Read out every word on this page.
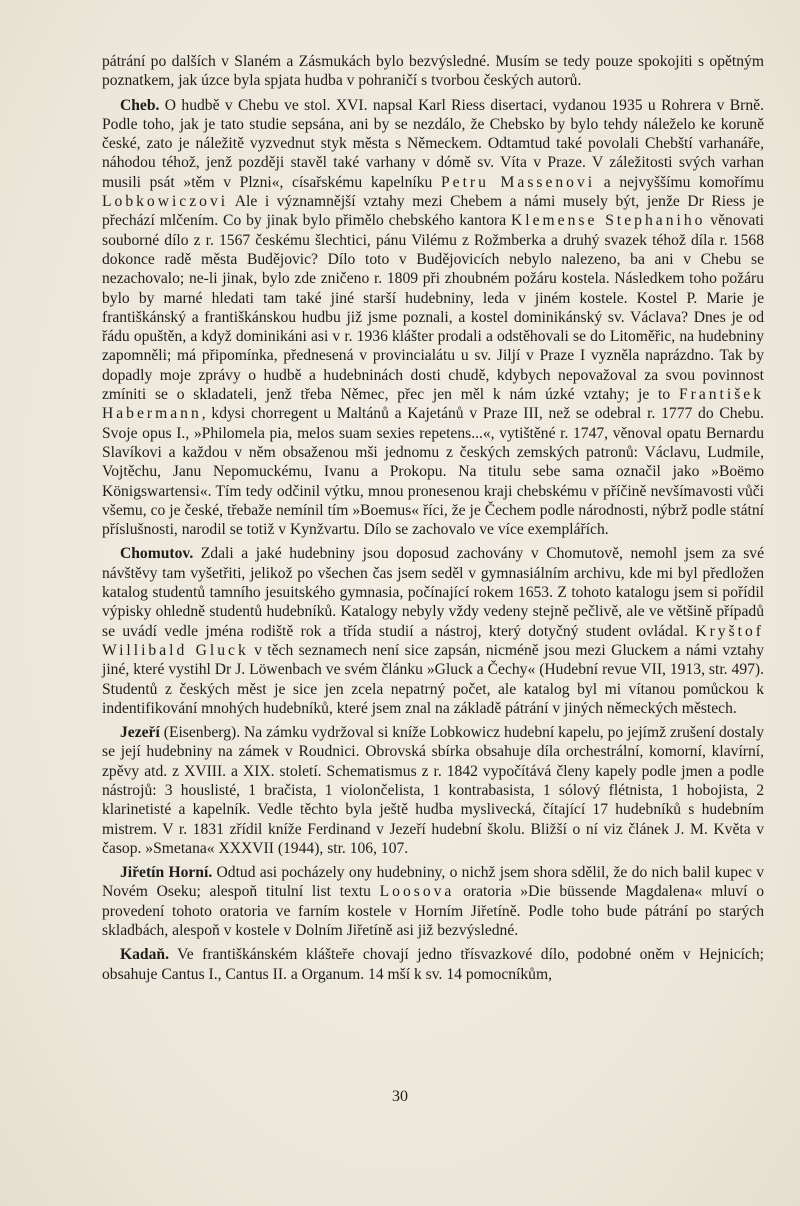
pátrání po dalších v Slaném a Zásmukách bylo bezvýsledné. Musím se tedy pouze spokojiti s opětným poznatkem, jak úzce byla spjata hudba v pohraničí s tvorbou českých autorů.

Cheb. O hudbě v Chebu ve stol. XVI. napsal Karl Riess disertaci, vydanou 1935 u Rohrera v Brně. Podle toho, jak je tato studie sepsána, ani by se nezdálo, že Chebsko by bylo tehdy náleželo ke koruně české, zato je náležitě vyzvednut styk města s Německem. Odtamtud také povolali Chebští varhanáře, náhodou téhož, jenž později stavěl také varhany v dómě sv. Víta v Praze. V záležitosti svých varhan musili psát »těm v Plzni«, císařskému kapelníku Petru Massenovi a nejvyššímu komořímu Lobkowiczovi Ale i významnější vztahy mezi Chebem a námi musely být, jenže Dr Riess je přechází mlčením. Co by jinak bylo přimělo chebského kantora Klemense Stephaniho věnovati souborné dílo z r. 1567 českému šlechtici, pánu Vilému z Rožmberka a druhý svazek téhož díla r. 1568 dokonce radě města Budějovic? Dílo toto v Budějovicích nebylo nalezeno, ba ani v Chebu se nezachovalo; ne-li jinak, bylo zde zničeno r. 1809 při zhoubném požáru kostela. Následkem toho požáru bylo by marné hledati tam také jiné starší hudebniny, leda v jiném kostele. Kostel P. Marie je františkánský a františkánskou hudbu již jsme poznali, a kostel dominikánský sv. Václava? Dnes je od řádu opuštěn, a když dominikáni asi v r. 1936 klášter prodali a odstěhovali se do Litoměřic, na hudebniny zapomněli; má připomínka, přednesená v provincialátu u sv. Jiljí v Praze I vyzněla naprázdno. Tak by dopadly moje zprávy o hudbě a hudebninách dosti chudě, kdybych nepovažoval za svou povinnost zmíniti se o skladateli, jenž třeba Němec, přec jen měl k nám úzké vztahy; je to František Habermann, kdysi chorregent u Maltánů a Kajetánů v Praze III, než se odebral r. 1777 do Chebu. Svoje opus I., »Philomela pia, melos suam sexies repetens...«, vytištěné r. 1747, věnoval opatu Bernardu Slavíkovi a každou v něm obsaženou mši jednomu z českých zemských patronů: Václavu, Ludmile, Vojtěchu, Janu Nepomuckému, Ivanu a Prokopu. Na titulu sebe sama označil jako »Boëmo Königswartensi«. Tím tedy odčinil výtku, mnou pronesenou kraji chebskému v příčině nevšímavosti vůči všemu, co je české, třebaže nemínil tím »Boemus« říci, že je Čechem podle národnosti, nýbrž podle státní příslušnosti, narodil se totiž v Kynžvartu. Dílo se zachovalo ve více exemplářích.

Chomutov. Zdali a jaké hudebniny jsou doposud zachovány v Chomutově, nemohl jsem za své návštěvy tam vyšetřiti, jelikož po všechen čas jsem seděl v gymnasiálním archivu, kde mi byl předložen katalog studentů tamního jesuitského gymnasia, počínající rokem 1653. Z tohoto katalogu jsem si pořídil výpisky ohledně studentů hudebníků. Katalogy nebyly vždy vedeny stejně pečlivě, ale ve většině případů se uvádí vedle jména rodiště rok a třída studií a nástroj, který dotyčný student ovládal. Kryštof Willibald Gluck v těch seznamech není sice zapsán, nicméně jsou mezi Gluckem a námi vztahy jiné, které vystihl Dr J. Löwenbach ve svém článku »Gluck a Čechy« (Hudební revue VII, 1913, str. 497). Studentů z českých měst je sice jen zcela nepatrný počet, ale katalog byl mi vítanou pomůckou k indentifikování mnohých hudebníků, které jsem znal na základě pátrání v jiných německých městech.

Jezeří (Eisenberg). Na zámku vydržoval si kníže Lobkowicz hudební kapelu, po jejímž zrušení dostaly se její hudebniny na zámek v Roudnici. Obrovská sbírka obsahuje díla orchestrální, komorní, klavírní, zpěvy atd. z XVIII. a XIX. století. Schematismus z r. 1842 vypočítává členy kapely podle jmen a podle nástrojů: 3 houslisté, 1 bračista, 1 violončelista, 1 kontrabasista, 1 sólový flétnista, 1 hobojista, 2 klarinetisté a kapelník. Vedle těchto byla ještě hudba myslivecká, čítající 17 hudebníků s hudebním mistrem. V r. 1831 zřídil kníže Ferdinand v Jezeří hudební školu. Bližší o ní viz článek J. M. Květa v časop. »Smetana« XXXVII (1944), str. 106, 107.

Jiřetín Horní. Odtud asi pocházely ony hudebniny, o nichž jsem shora sdělil, že do nich balil kupec v Novém Oseku; alespoň titulní list textu Loosova oratoria »Die büssende Magdalena« mluví o provedení tohoto oratoria ve farním kostele v Horním Jiřetíně. Podle toho bude pátrání po starých skladbách, alespoň v kostele v Dolním Jiřetíně asi již bezvýsledné.

Kadaň. Ve františkánském klášteře chovají jedno třísvazkové dílo, podobné oněm v Hejnicích; obsahuje Cantus I., Cantus II. a Organum. 14 mší k sv. 14 pomocníkům,

30
